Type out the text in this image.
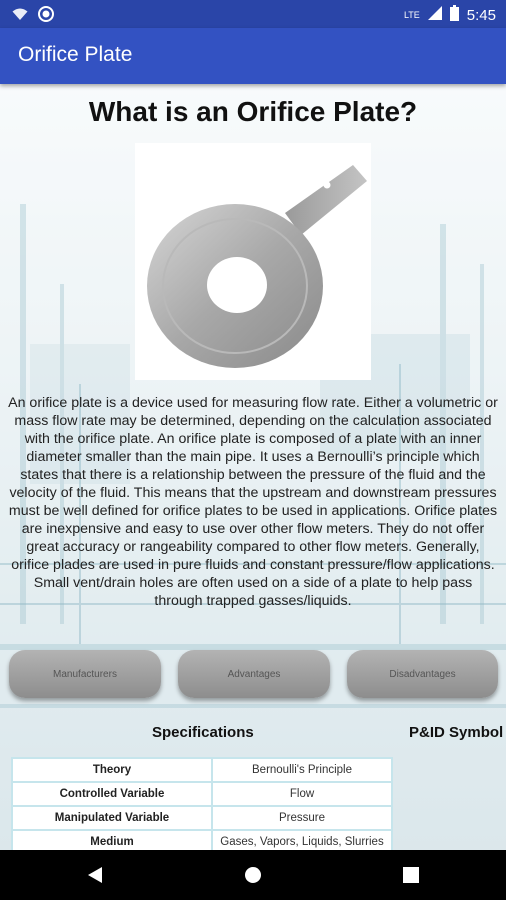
LTE	5:45
Orifice Plate
What is an Orifice Plate?
An orifice plate is a device used for measuring flow rate. Either a volumetric or mass flow rate may be determined, depending on the calculation associated with the orifice plate. An orifice plate is composed of a plate with an inner diameter smaller than the main pipe. It uses a Bernoulli’s principle which states that there is a relationship between the pressure of the fluid and the velocity of the fluid. This means that the upstream and downstream pressures must be well defined for orifice plates to be used in applications. Orifice plates are inexpensive and easy to use over other flow meters. They do not offer great accuracy or rangeability compared to other flow meters. Generally, orifice plades are used in pure fluids and constant pressure/flow applications. Small vent/drain holes are often used on a side of a plate to help pass through trapped gasses/liquids.
Manufacturers	Advantages	Disadvantages
Specifications	P&ID Symbol
Theory	Bernoulli's Principle
Controlled Variable	Flow
Manipulated Variable	Pressure
Medium	Gases, Vapors, Liquids, Slurries
